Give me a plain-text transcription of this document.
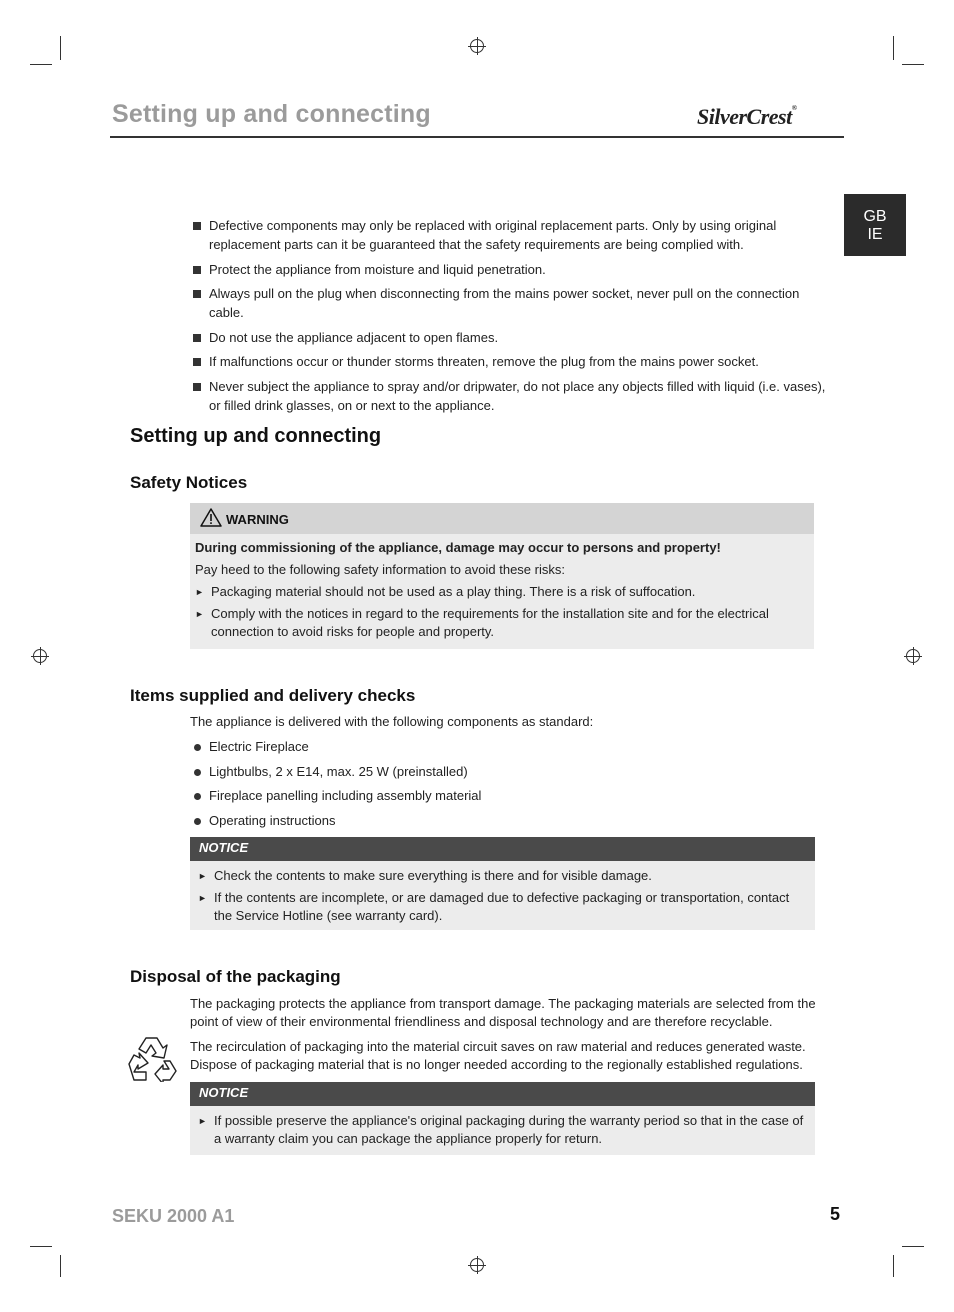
Setting up and connecting	SilverCrest®
GB
IE
Defective components may only be replaced with original replacement parts. Only by using original replacement parts can it be guaranteed that the safety requirements are being complied with.
Protect the appliance from moisture and liquid penetration.
Always pull on the plug when disconnecting from the mains power socket, never pull on the connection cable.
Do not use the appliance adjacent to open flames.
If malfunctions occur or thunder storms threaten, remove the plug from the mains power socket.
Never subject the appliance to spray and/or dripwater, do not place any objects filled with liquid (i.e. vases), or filled drink glasses, on or next to the appliance.
Setting up and connecting
Safety Notices
WARNING
During commissioning of the appliance, damage may occur to persons and property!
Pay heed to the following safety information to avoid these risks:
► Packaging material should not be used as a play thing. There is a risk of suffocation.
► Comply with the notices in regard to the requirements for the installation site and for the electrical connection to avoid risks for people and property.
Items supplied and delivery checks
The appliance is delivered with the following components as standard:
Electric Fireplace
Lightbulbs, 2 x E14, max. 25 W (preinstalled)
Fireplace panelling including assembly material
Operating instructions
NOTICE
► Check the contents to make sure everything is there and for visible damage.
► If the contents are incomplete, or are damaged due to defective packaging or transportation, contact the Service Hotline (see warranty card).
Disposal of the packaging
The packaging protects the appliance from transport damage. The packaging materials are selected from the point of view of their environmental friendliness and disposal technology and are therefore recyclable.
The recirculation of packaging into the material circuit saves on raw material and reduces generated waste. Dispose of packaging material that is no longer needed according to the regionally established regulations.
NOTICE
► If possible preserve the appliance's original packaging during the warranty period so that in the case of a warranty claim you can package the appliance properly for return.
SEKU 2000 A1	5
